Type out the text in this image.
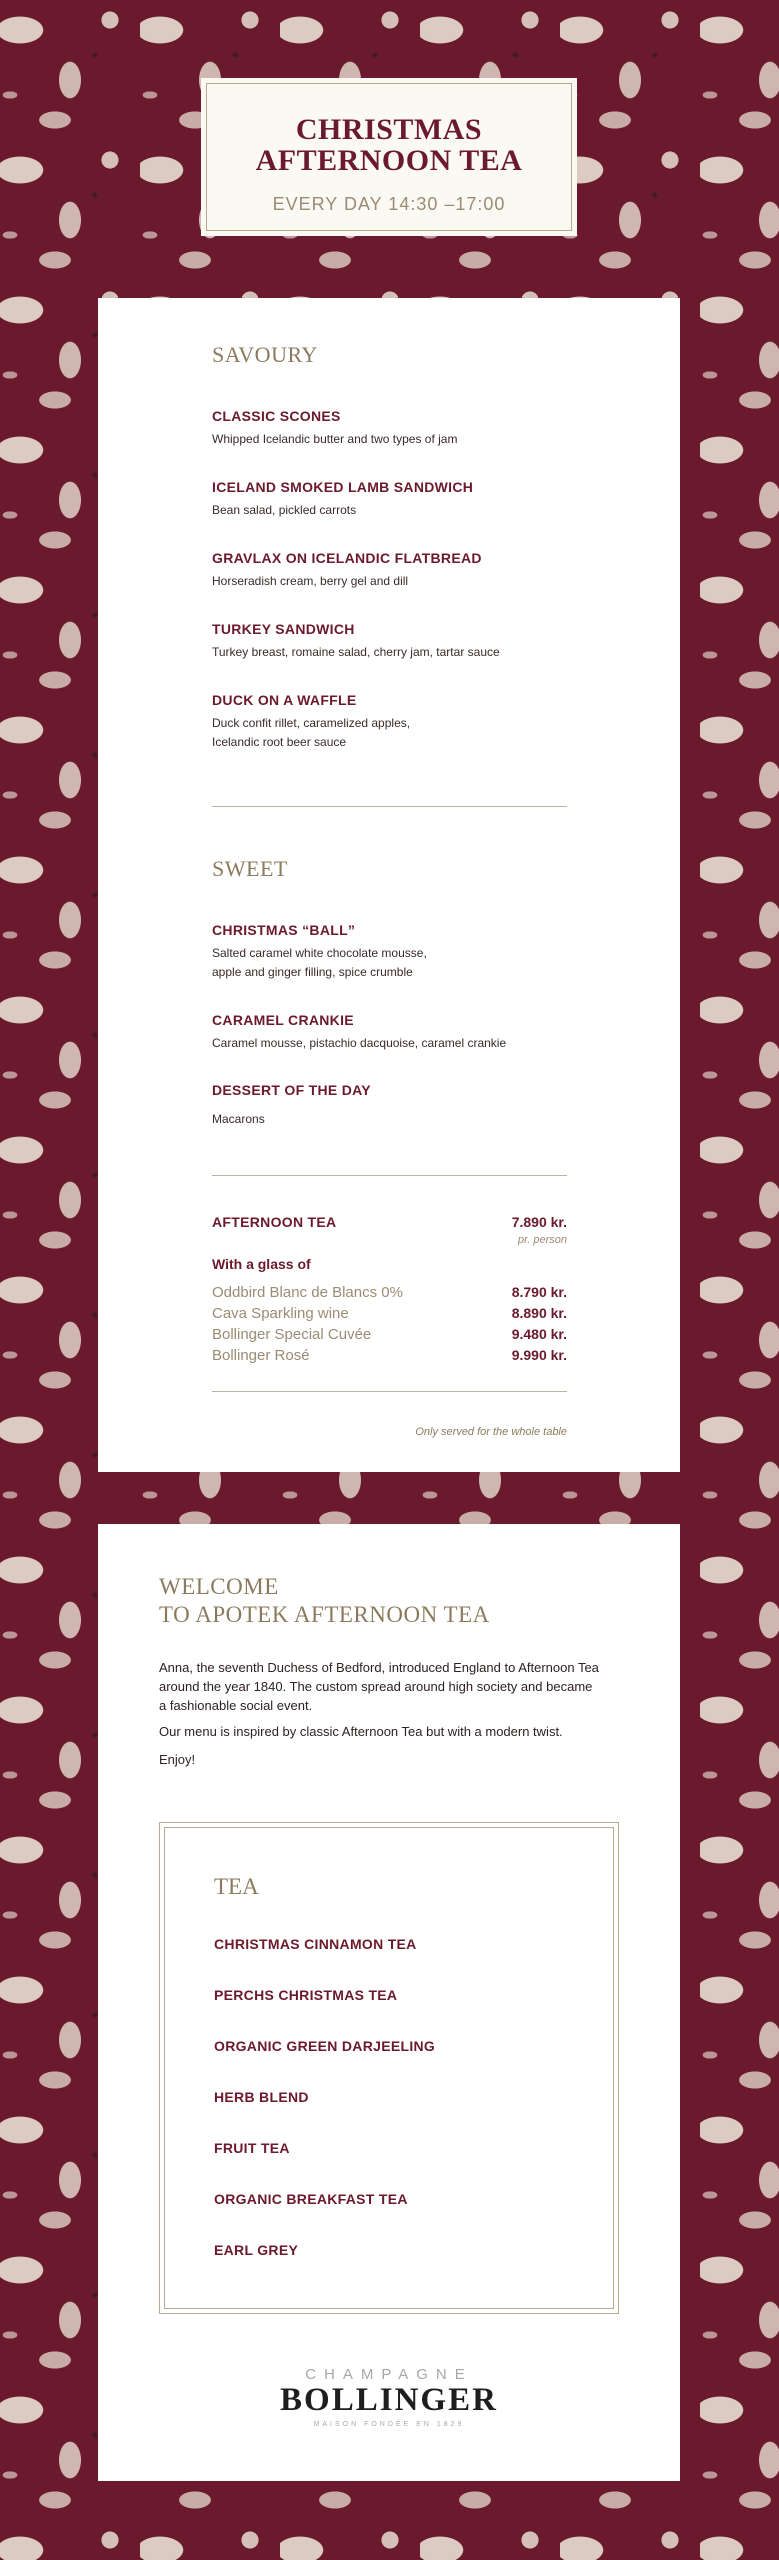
CHRISTMAS
AFTERNOON TEA
EVERY DAY 14:30 –17:00
SAVOURY
CLASSIC SCONES
Whipped Icelandic butter and two types of jam
ICELAND SMOKED LAMB SANDWICH
Bean salad, pickled carrots
GRAVLAX ON ICELANDIC FLATBREAD
Horseradish cream, berry gel and dill
TURKEY SANDWICH
Turkey breast, romaine salad, cherry jam, tartar sauce
DUCK ON A WAFFLE
Duck confit rillet, caramelized apples,
Icelandic root beer sauce
SWEET
CHRISTMAS “BALL”
Salted caramel white chocolate mousse,
apple and ginger filling, spice crumble
CARAMEL CRANKIE
Caramel mousse, pistachio dacquoise, caramel crankie
DESSERT OF THE DAY
Macarons
AFTERNOON TEA	7.890 kr.
pr. person
With a glass of
Oddbird Blanc de Blancs 0%	8.790 kr.
Cava Sparkling wine	8.890 kr.
Bollinger Special Cuvée	9.480 kr.
Bollinger Rosé	9.990 kr.
Only served for the whole table
WELCOME
TO APOTEK AFTERNOON TEA

Anna, the seventh Duchess of Bedford, introduced England to Afternoon Tea
around the year 1840. The custom spread around high society and became
a fashionable social event.

Our menu is inspired by classic Afternoon Tea but with a modern twist.

Enjoy!

TEA
CHRISTMAS CINNAMON TEA
PERCHS CHRISTMAS TEA
ORGANIC GREEN DARJEELING
HERB BLEND
FRUIT TEA
ORGANIC BREAKFAST TEA
EARL GREY
CHAMPAGNE
BOLLINGER
MAISON FONDÉE EN 1829
